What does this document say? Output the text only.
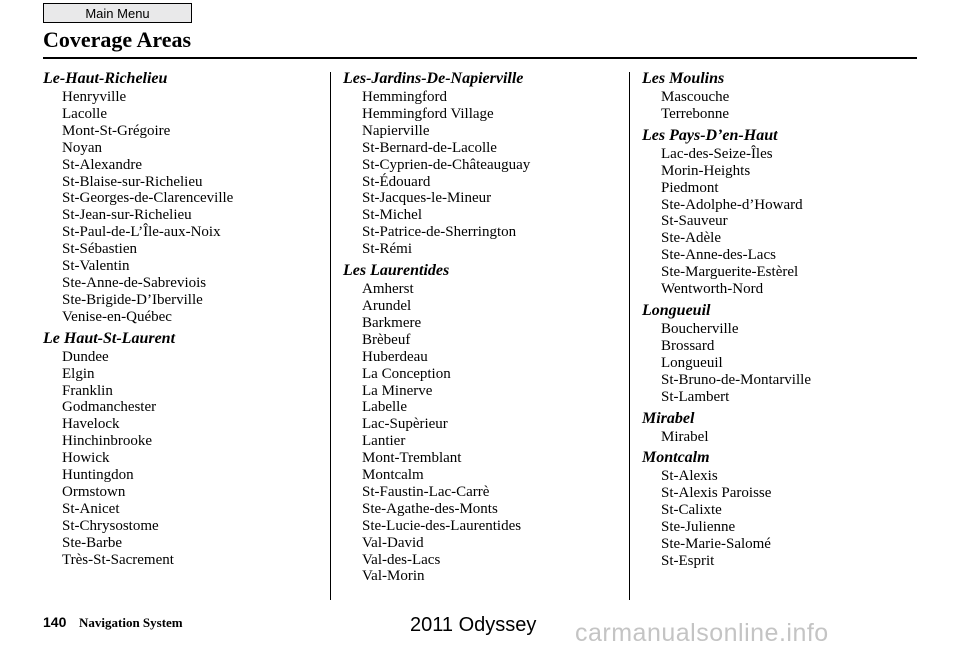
Main Menu
Coverage Areas
Le-Haut-Richelieu
Henryville
Lacolle
Mont-St-Grégoire
Noyan
St-Alexandre
St-Blaise-sur-Richelieu
St-Georges-de-Clarenceville
St-Jean-sur-Richelieu
St-Paul-de-L’Île-aux-Noix
St-Sébastien
St-Valentin
Ste-Anne-de-Sabreviois
Ste-Brigide-D’Iberville
Venise-en-Québec
Le Haut-St-Laurent
Dundee
Elgin
Franklin
Godmanchester
Havelock
Hinchinbrooke
Howick
Huntingdon
Ormstown
St-Anicet
St-Chrysostome
Ste-Barbe
Très-St-Sacrement
Les-Jardins-De-Napierville
Hemmingford
Hemmingford Village
Napierville
St-Bernard-de-Lacolle
St-Cyprien-de-Châteauguay
St-Édouard
St-Jacques-le-Mineur
St-Michel
St-Patrice-de-Sherrington
St-Rémi
Les Laurentides
Amherst
Arundel
Barkmere
Brèbeuf
Huberdeau
La Conception
La Minerve
Labelle
Lac-Supèrieur
Lantier
Mont-Tremblant
Montcalm
St-Faustin-Lac-Carrè
Ste-Agathe-des-Monts
Ste-Lucie-des-Laurentides
Val-David
Val-des-Lacs
Val-Morin
Les Moulins
Mascouche
Terrebonne
Les Pays-D’en-Haut
Lac-des-Seize-Îles
Morin-Heights
Piedmont
Ste-Adolphe-d’Howard
St-Sauveur
Ste-Adèle
Ste-Anne-des-Lacs
Ste-Marguerite-Estèrel
Wentworth-Nord
Longueuil
Boucherville
Brossard
Longueuil
St-Bruno-de-Montarville
St-Lambert
Mirabel
Mirabel
Montcalm
St-Alexis
St-Alexis Paroisse
St-Calixte
Ste-Julienne
Ste-Marie-Salomé
St-Esprit
140 Navigation System	2011 Odyssey carmanualsonline.info
